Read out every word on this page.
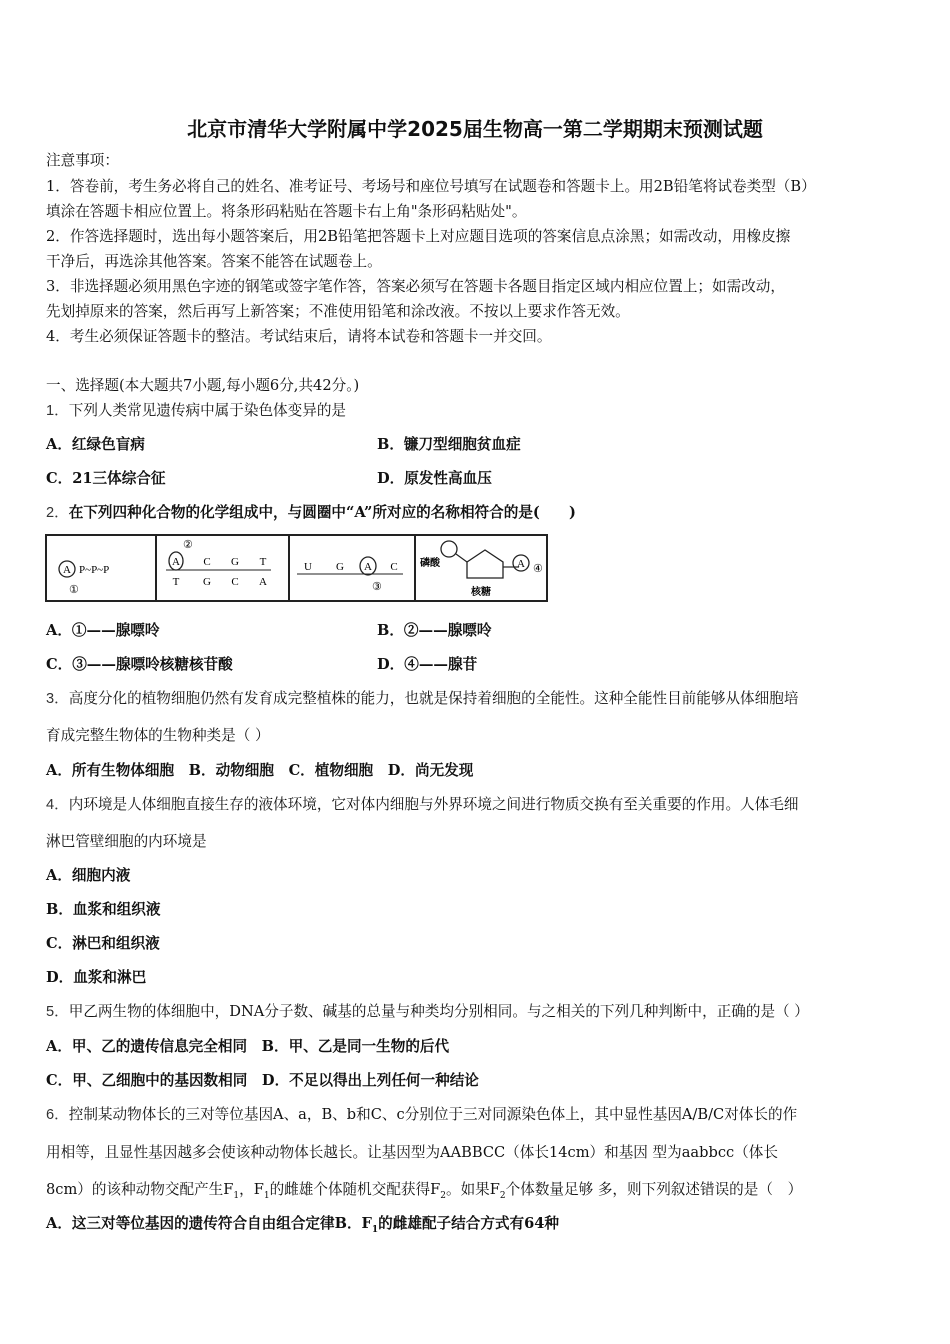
北京市清华大学附属中学2025届生物高一第二学期期末预测试题
注意事项：
1．答卷前，考生务必将自己的姓名、准考证号、考场号和座位号填写在试题卷和答题卡上。用2B铅笔将试卷类型（B）
填涂在答题卡相应位置上。将条形码粘贴在答题卡右上角"条形码粘贴处"。
2．作答选择题时，选出每小题答案后，用2B铅笔把答题卡上对应题目选项的答案信息点涂黑；如需改动，用橡皮擦
干净后，再选涂其他答案。答案不能答在试题卷上。
3．非选择题必须用黑色字迹的钢笔或签字笔作答，答案必须写在答题卡各题目指定区域内相应位置上；如需改动，
先划掉原来的答案，然后再写上新答案；不准使用铅笔和涂改液。不按以上要求作答无效。
4．考生必须保证答题卡的整洁。考试结束后，请将本试卷和答题卡一并交回。
一、选择题(本大题共7小题,每小题6分,共42分。)
1．下列人类常见遗传病中属于染色体变异的是
A．红绿色盲病	B．镰刀型细胞贫血症
C．21三体综合征	D．原发性高血压
2．在下列四种化合物的化学组成中，与圆圈中“A”所对应的名称相符合的是(　　)
A P~P~P
①
②
A C G T
T G C A
U G A C
③
磷酸	A ④
核糖
A．①——腺嘌呤	B．②——腺嘌呤
C．③——腺嘌呤核糖核苷酸	D．④——腺苷
3．高度分化的植物细胞仍然有发育成完整植株的能力，也就是保持着细胞的全能性。这种全能性目前能够从体细胞培
育成完整生物体的生物种类是（ ）
A．所有生物体细胞　B．动物细胞　C．植物细胞　D．尚无发现
4．内环境是人体细胞直接生存的液体环境，它对体内细胞与外界环境之间进行物质交换有至关重要的作用。人体毛细
淋巴管壁细胞的内环境是
A．细胞内液
B．血浆和组织液
C．淋巴和组织液
D．血浆和淋巴
5．甲乙两生物的体细胞中，DNA分子数、碱基的总量与种类均分别相同。与之相关的下列几种判断中，正确的是（ ）
A．甲、乙的遗传信息完全相同　B．甲、乙是同一生物的后代
C．甲、乙细胞中的基因数相同　D．不足以得出上列任何一种结论
6．控制某动物体长的三对等位基因A、a，B、b和C、c分别位于三对同源染色体上，其中显性基因A/B/C对体长的作
用相等，且显性基因越多会使该种动物体长越长。让基因型为AABBCC（体长14cm）和基因 型为aabbcc（体长
8cm）的该种动物交配产生$F_1$，$F_1$的雌雄个体随机交配获得$F_2$。如果$F_2$个体数量足够 多，则下列叙述错误的是（　）
A．这三对等位基因的遗传符合自由组合定律B．$F_1$的雌雄配子结合方式有64种
